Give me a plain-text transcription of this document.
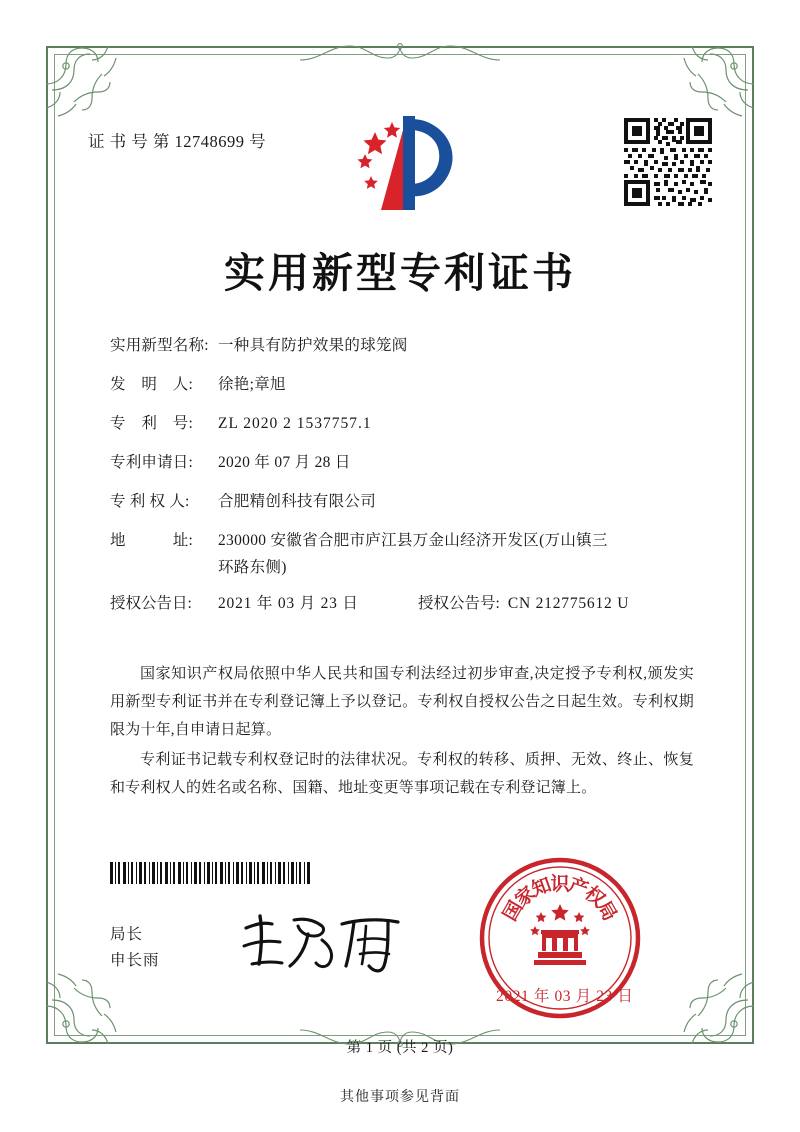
证 书 号 第 12748699 号
实用新型专利证书
实用新型名称: 一种具有防护效果的球笼阀
发　明　人:	徐艳;章旭
专　利　号:	ZL 2020 2 1537757.1
专利申请日:	2020 年 07 月 28 日
专 利 权 人:	合肥精创科技有限公司
地　　　址:	230000 安徽省合肥市庐江县万金山经济开发区(万山镇三
环路东侧)
授权公告日:	2021 年 03 月 23 日	授权公告号: CN 212775612 U

国家知识产权局依照中华人民共和国专利法经过初步审查,决定授予专利权,颁发实用新型专利证书并在专利登记簿上予以登记。专利权自授权公告之日起生效。专利权期限为十年,自申请日起算。

专利证书记载专利权登记时的法律状况。专利权的转移、质押、无效、终止、恢复和专利权人的姓名或名称、国籍、地址变更等事项记载在专利登记簿上。

局长
申长雨
国
家
知
识
产
权
局
2021 年 03 月 23 日
第 1 页 (共 2 页)
其他事项参见背面
